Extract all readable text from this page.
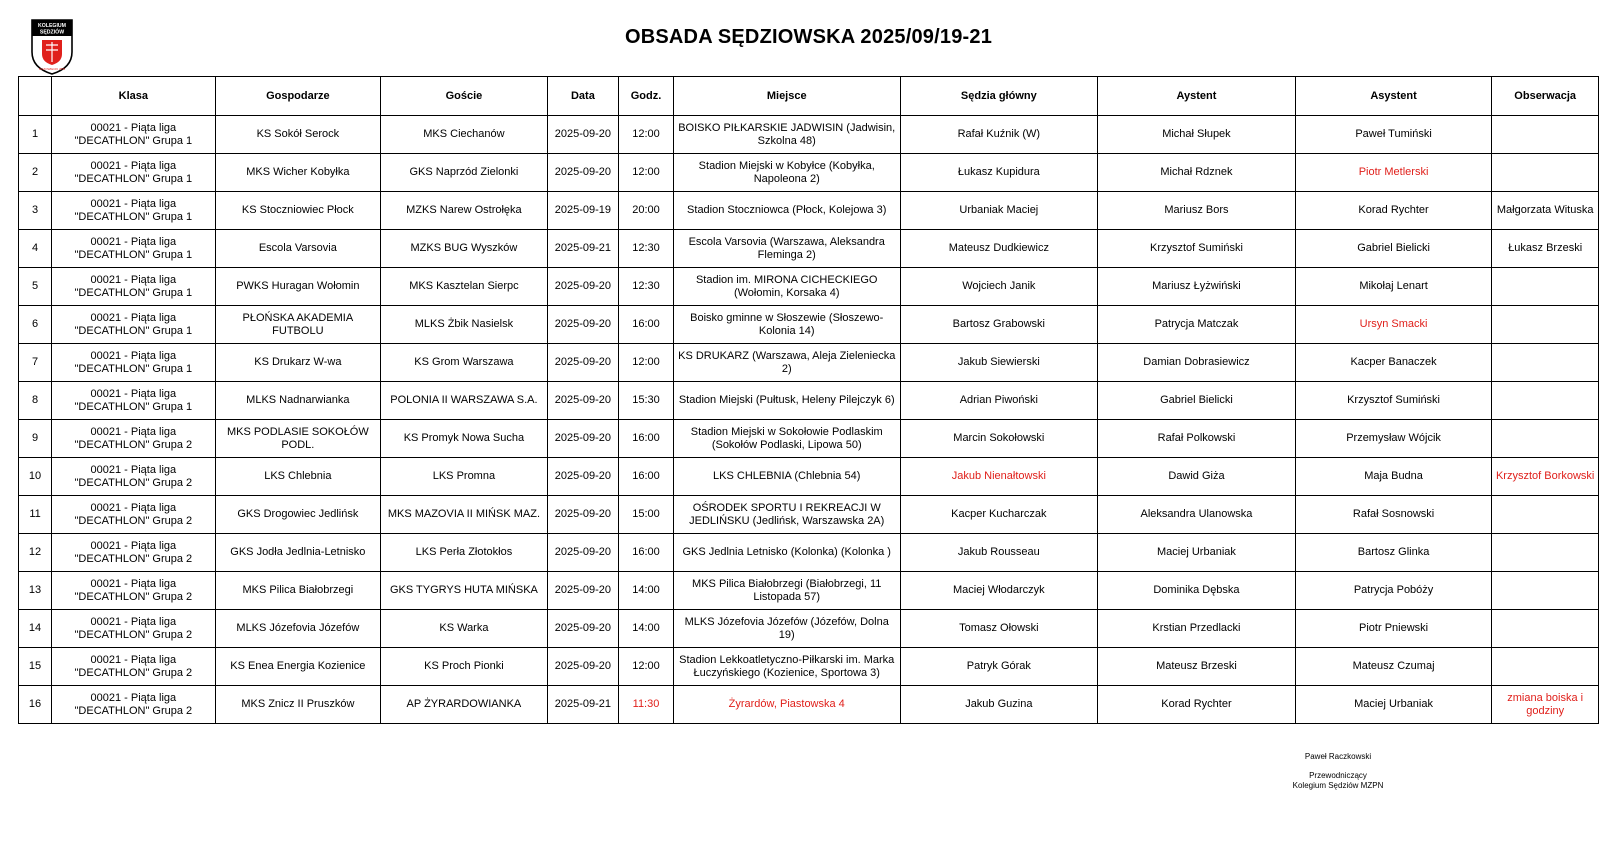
KOLEGIUM
SĘDZIÓW
MAZOWIECKI ZPN
OBSADA SĘDZIOWSKA 2025/09/19-21
	Klasa	Gospodarze	Goście	Data	Godz.	Miejsce	Sędzia główny	Aystent	Asystent	Obserwacja
1	00021 - Piąta liga "DECATHLON" Grupa 1	KS Sokół Serock	MKS Ciechanów	2025-09-20	12:00	BOISKO PIŁKARSKIE JADWISIN (Jadwisin, Szkolna 48)	Rafał Kuźnik (W)	Michał Słupek	Paweł Tumiński	
2	00021 - Piąta liga "DECATHLON" Grupa 1	MKS Wicher Kobyłka	GKS Naprzód Zielonki	2025-09-20	12:00	Stadion Miejski w Kobyłce (Kobyłka, Napoleona 2)	Łukasz Kupidura	Michał Rdznek	Piotr Metlerski	
3	00021 - Piąta liga "DECATHLON" Grupa 1	KS Stoczniowiec Płock	MZKS Narew Ostrołęka	2025-09-19	20:00	Stadion Stoczniowca (Płock, Kolejowa 3)	Urbaniak Maciej	Mariusz Bors	Korad Rychter	Małgorzata Wituska
4	00021 - Piąta liga "DECATHLON" Grupa 1	Escola Varsovia	MZKS BUG Wyszków	2025-09-21	12:30	Escola Varsovia (Warszawa, Aleksandra Fleminga 2)	Mateusz Dudkiewicz	Krzysztof Sumiński	Gabriel Bielicki	Łukasz Brzeski
5	00021 - Piąta liga "DECATHLON" Grupa 1	PWKS Huragan Wołomin	MKS Kasztelan Sierpc	2025-09-20	12:30	Stadion im. MIRONA CICHECKIEGO (Wołomin, Korsaka 4)	Wojciech Janik	Mariusz Łyżwiński	Mikołaj Lenart	
6	00021 - Piąta liga "DECATHLON" Grupa 1	PŁOŃSKA AKADEMIA FUTBOLU	MLKS Żbik Nasielsk	2025-09-20	16:00	Boisko gminne w Słoszewie (Słoszewo-Kolonia 14)	Bartosz Grabowski	Patrycja Matczak	Ursyn Smacki	
7	00021 - Piąta liga "DECATHLON" Grupa 1	KS Drukarz W-wa	KS Grom Warszawa	2025-09-20	12:00	KS DRUKARZ (Warszawa, Aleja Zieleniecka 2)	Jakub Siewierski	Damian Dobrasiewicz	Kacper Banaczek	
8	00021 - Piąta liga "DECATHLON" Grupa 1	MLKS Nadnarwianka	POLONIA II WARSZAWA S.A.	2025-09-20	15:30	Stadion Miejski (Pułtusk, Heleny Pilejczyk 6)	Adrian Piwoński	Gabriel Bielicki	Krzysztof Sumiński	
9	00021 - Piąta liga "DECATHLON" Grupa 2	MKS PODLASIE SOKOŁÓW PODL.	KS Promyk Nowa Sucha	2025-09-20	16:00	Stadion Miejski w Sokołowie Podlaskim (Sokołów Podlaski, Lipowa 50)	Marcin Sokołowski	Rafał Polkowski	Przemysław Wójcik	
10	00021 - Piąta liga "DECATHLON" Grupa 2	LKS Chlebnia	LKS Promna	2025-09-20	16:00	LKS CHLEBNIA (Chlebnia 54)	Jakub Nienałtowski	Dawid Giża	Maja Budna	Krzysztof Borkowski
11	00021 - Piąta liga "DECATHLON" Grupa 2	GKS Drogowiec Jedlińsk	MKS MAZOVIA II MIŃSK MAZ.	2025-09-20	15:00	OŚRODEK SPORTU I REKREACJI W JEDLIŃSKU (Jedlińsk, Warszawska 2A)	Kacper Kucharczak	Aleksandra Ulanowska	Rafał Sosnowski	
12	00021 - Piąta liga "DECATHLON" Grupa 2	GKS Jodła Jedlnia-Letnisko	LKS Perła Złotokłos	2025-09-20	16:00	GKS Jedlnia Letnisko (Kolonka) (Kolonka )	Jakub Rousseau	Maciej Urbaniak	Bartosz Glinka	
13	00021 - Piąta liga "DECATHLON" Grupa 2	MKS Pilica Białobrzegi	GKS TYGRYS HUTA MIŃSKA	2025-09-20	14:00	MKS Pilica Białobrzegi (Białobrzegi, 11 Listopada 57)	Maciej Włodarczyk	Dominika Dębska	Patrycja Pobóży	
14	00021 - Piąta liga "DECATHLON" Grupa 2	MLKS Józefovia Józefów	KS Warka	2025-09-20	14:00	MLKS Józefovia Józefów (Józefów, Dolna 19)	Tomasz Ołowski	Krstian Przedlacki	Piotr Pniewski	
15	00021 - Piąta liga "DECATHLON" Grupa 2	KS Enea Energia Kozienice	KS Proch Pionki	2025-09-20	12:00	Stadion Lekkoatletyczno-Piłkarski im. Marka Łuczyńskiego (Kozienice, Sportowa 3)	Patryk Górak	Mateusz Brzeski	Mateusz Czumaj	
16	00021 - Piąta liga "DECATHLON" Grupa 2	MKS Znicz II Pruszków	AP ŻYRARDOWIANKA	2025-09-21	11:30	Żyrardów, Piastowska 4	Jakub Guzina	Korad Rychter	Maciej Urbaniak	zmiana boiska i godziny
Paweł Raczkowski
Przewodniczący
Kolegium Sędziów MZPN
